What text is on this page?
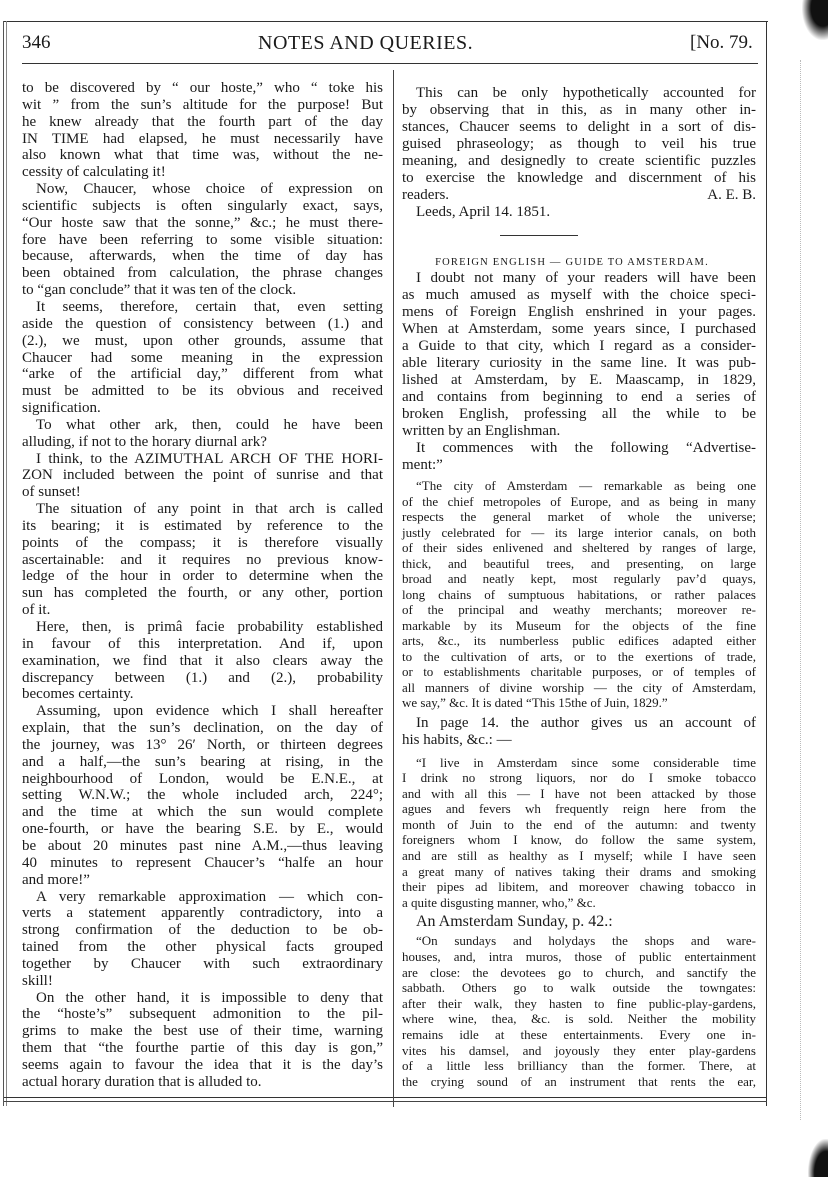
346	NOTES AND QUERIES.	[No. 79.
to be discovered by “ our hoste,” who “ toke his
wit ” from the sun’s altitude for the purpose! But
he knew already that the fourth part of the day
IN TIME had elapsed, he must necessarily have
also known what that time was, without the ne-
cessity of calculating it!
Now, Chaucer, whose choice of expression on
scientific subjects is often singularly exact, says,
“Our hoste saw that the sonne,” &c.; he must there-
fore have been referring to some visible situation:
because, afterwards, when the time of day has
been obtained from calculation, the phrase changes
to “gan conclude” that it was ten of the clock.
It seems, therefore, certain that, even setting
aside the question of consistency between (1.) and
(2.), we must, upon other grounds, assume that
Chaucer had some meaning in the expression
“arke of the artificial day,” different from what
must be admitted to be its obvious and received
signification.
To what other ark, then, could he have been
alluding, if not to the horary diurnal ark?
I think, to the AZIMUTHAL ARCH OF THE HORI-
ZON included between the point of sunrise and that
of sunset!
The situation of any point in that arch is called
its bearing; it is estimated by reference to the
points of the compass; it is therefore visually
ascertainable: and it requires no previous know-
ledge of the hour in order to determine when the
sun has completed the fourth, or any other, portion
of it.
Here, then, is primâ facie probability established
in favour of this interpretation. And if, upon
examination, we find that it also clears away the
discrepancy between (1.) and (2.), probability
becomes certainty.
Assuming, upon evidence which I shall hereafter
explain, that the sun’s declination, on the day of
the journey, was 13° 26′ North, or thirteen degrees
and a half,—the sun’s bearing at rising, in the
neighbourhood of London, would be E.N.E., at
setting W.N.W.; the whole included arch, 224°;
and the time at which the sun would complete
one-fourth, or have the bearing S.E. by E., would
be about 20 minutes past nine A.M.,—thus leaving
40 minutes to represent Chaucer’s “halfe an hour
and more!”
A very remarkable approximation — which con-
verts a statement apparently contradictory, into a
strong confirmation of the deduction to be ob-
tained from the other physical facts grouped
together by Chaucer with such extraordinary
skill!
On the other hand, it is impossible to deny that
the “hoste’s” subsequent admonition to the pil-
grims to make the best use of their time, warning
them that “the fourthe partie of this day is gon,”
seems again to favour the idea that it is the day’s
actual horary duration that is alluded to.
This can be only hypothetically accounted for
by observing that in this, as in many other in-
stances, Chaucer seems to delight in a sort of dis-
guised phraseology; as though to veil his true
meaning, and designedly to create scientific puzzles
to exercise the knowledge and discernment of his
readers.	A. E. B.
Leeds, April 14. 1851.
FOREIGN ENGLISH — GUIDE TO AMSTERDAM.
I doubt not many of your readers will have been
as much amused as myself with the choice speci-
mens of Foreign English enshrined in your pages.
When at Amsterdam, some years since, I purchased
a Guide to that city, which I regard as a consider-
able literary curiosity in the same line. It was pub-
lished at Amsterdam, by E. Maascamp, in 1829,
and contains from beginning to end a series of
broken English, professing all the while to be
written by an Englishman.
It commences with the following “Advertise-
ment:”
“The city of Amsterdam — remarkable as being one
of the chief metropoles of Europe, and as being in many
respects the general market of whole the universe;
justly celebrated for — its large interior canals, on both
of their sides enlivened and sheltered by ranges of large,
thick, and beautiful trees, and presenting, on large
broad and neatly kept, most regularly pav’d quays,
long chains of sumptuous habitations, or rather palaces
of the principal and weathy merchants; moreover re-
markable by its Museum for the objects of the fine
arts, &c., its numberless public edifices adapted either
to the cultivation of arts, or to the exertions of trade,
or to establishments charitable purposes, or of temples of
all manners of divine worship — the city of Amsterdam,
we say,” &c. It is dated “This 15the of Juin, 1829.”
In page 14. the author gives us an account of
his habits, &c.: —
“I live in Amsterdam since some considerable time
I drink no strong liquors, nor do I smoke tobacco
and with all this — I have not been attacked by those
agues and fevers wh frequently reign here from the
month of Juin to the end of the autumn: and twenty
foreigners whom I know, do follow the same system,
and are still as healthy as I myself; while I have seen
a great many of natives taking their drams and smoking
their pipes ad libitem, and moreover chawing tobacco in
a quite disgusting manner, who,” &c.
An Amsterdam Sunday, p. 42.:
“On sundays and holydays the shops and ware-
houses, and, intra muros, those of public entertainment
are close: the devotees go to church, and sanctify the
sabbath. Others go to walk outside the towngates:
after their walk, they hasten to fine public-play-gardens,
where wine, thea, &c. is sold. Neither the mobility
remains idle at these entertainments. Every one in-
vites his damsel, and joyously they enter play-gardens
of a little less brilliancy than the former. There, at
the crying sound of an instrument that rents the ear,
